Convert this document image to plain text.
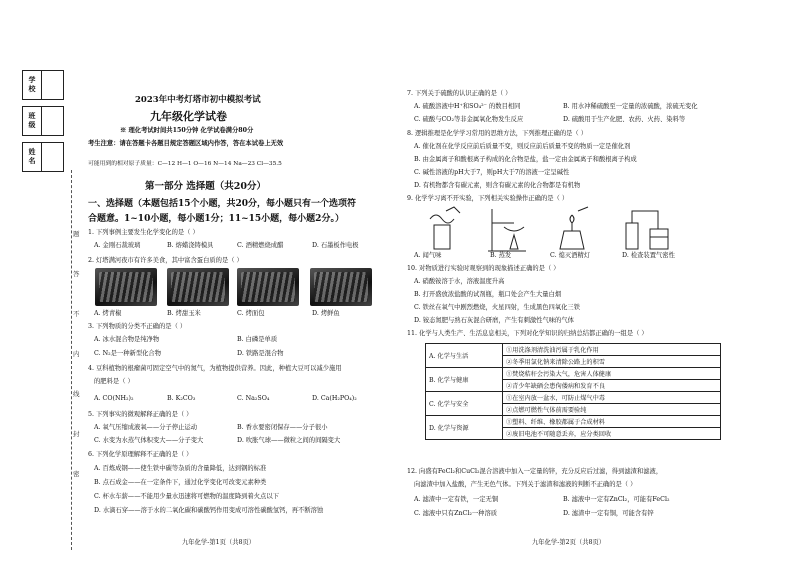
学校
班级
姓名
题
答
不
内
线
封
密
2023年中考灯塔市初中模拟考试
九年级化学试卷
※ 理化考试时间共150分钟 化学试卷满分80分
考生注意：请在答题卡各题目规定答题区域内作答，答在本试卷上无效
可能用到的相对原子质量：C—12 H—1 O—16 N—14 Na—23 Cl—35.5
第一部分 选择题（共20分）
一、选择题（本题包括15个小题，共20分，每小题只有一个选项符
合题意。1~10小题，每小题1分；11~15小题，每小题2分。）
1. 下列事例主要发生化学变化的是（ ）
A. 金刚石裁玻璃	B. 熔蜡浇铸模具	C. 酒精燃烧成醋	D. 石墨板作电极
2. 灯塔满河夜市有许多美食，其中富含蛋白质的是（ ）
A. 烤青椒	B. 烤甜玉米	C. 烤面包	D. 烤鲜鱼
3. 下列物质的分类不正确的是（ ）
A. 冰水混合物是纯净物	B. 白磷是单质
C. N₂是一种新型化合物	D. 铁路是混合物
4. 豆科植物的根瘤菌可固定空气中的氮气，为植物提供营养。因此，种植大豆可以减少施用
的肥料是（ ）
A. CO(NH₂)₂	B. K₂CO₃	C. Na₂SO₄	D. Ca(H₂PO₄)₂
5. 下列事实的微观解释正确的是（ ）
A. 氧气压缩成液氧——分子停止运动	B. 香水要密闭保存——分子很小
C. 水变为水蒸气体积变大——分子变大	D. 吹胀气球——微粒之间的间隔变大
6. 下列化学原理解释不正确的是（ ）
A. 百炼成钢——使生铁中碳等杂质的含量降低，达到钢的标准
B. 点石成金——在一定条件下，通过化学变化可改变元素种类
C. 杯水车薪——不能用少量水迅速将可燃物的温度降到着火点以下
D. 水滴石穿——溶于水的二氧化碳和碳酸钙作用变成可溶性碳酸氢钙，再不断溶蚀
九年化学-第1页（共8页）
7. 下列关于硫酸的认识正确的是（ ）
A. 硫酸溶液中H⁺和SO₄²⁻ 的数目相同	B. 用水冲稀硫酸至一定量的浓硫酸，浓硫无变化
C. 硫酸与CO₂等非金属氧化物发生反应	D. 硫酸用于生产化肥、农药、火药、染料等
8. 逻辑推理是化学学习常用的思维方法，下列推理正确的是（ ）
A. 催化剂在化学反应前后质量不变，则反应前后质量不变的物质一定是催化剂
B. 由金属离子和酸根离子构成的化合物是盐，盐一定由金属离子和酸根离子构成
C. 碱性溶液的pH大于7，则pH大于7的溶液一定呈碱性
D. 有机物都含有碳元素，则含有碳元素的化合物都是有机物
9. 化学学习离不开实验，下列相关实验操作正确的是（ ）
A. 闻气味	B. 蒸发	C. 熄灭酒精灯	D. 检查装置气密性
10. 对物质进行实验时观察到的现象描述正确的是（ ）
A. 硝酸铵溶于水，溶液温度升高
B. 打开盛放浓盐酸的试剂瓶，瓶口处会产生大量白烟
C. 铁丝在氧气中剧烈燃烧，火星四射，生成黑色四氧化三铁
D. 铵态氮肥与熟石灰混合研磨，产生有刺激性气味的气体
11. 化学与人类生产、生活息息相关，下列对化学知识的归纳总结都正确的一组是（ ）
A. 化学与生活	①用洗涤剂清洗油污属于乳化作用
	②冬季用氯化钠来清除公路上的积雪
B. 化学与健康	①焚烧秸秆会污染大气，危害人体健康
	②青少年缺硒会患佝偻病和发育不良
C. 化学与安全	①在室内放一盆水，可防止煤气中毒
	②点燃可燃性气体前需要验纯
D. 化学与资源	①塑料、纤维、橡胶都属于合成材料
	②废旧电池不可随意丢弃，应分类回收
12. 向盛有FeCl₂和CuCl₂混合溶液中加入一定量的锌，充分反应后过滤，得到滤渣和滤液，
向滤渣中加入盐酸，产生无色气体。下列关于滤渣和滤液的判断不正确的是（ ）
A. 滤渣中一定有铁，一定无铜	B. 滤液中一定有ZnCl₂，可能有FeCl₂
C. 滤液中只有ZnCl₂一种溶质	D. 滤渣中一定有铜，可能含有锌
九年化学-第2页（共8页）
